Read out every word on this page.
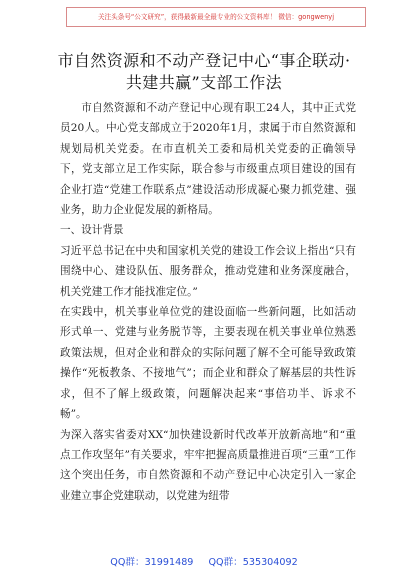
关注头条号“公文研究”，获得最新最全最专业的公文资料库！ 微信：gongwenyj
市自然资源和不动产登记中心“事企联动·
共建共赢”支部工作法

市自然资源和不动产登记中心现有职工24人，其中正式党员20人。中心党支部成立于2020年1月，隶属于市自然资源和规划局机关党委。在市直机关工委和局机关党委的正确领导下，党支部立足工作实际，联合参与市级重点项目建设的国有企业打造“党建工作联系点”建设活动形成凝心聚力抓党建、强业务，助力企业促发展的新格局。

一、设计背景

习近平总书记在中央和国家机关党的建设工作会议上指出“只有围绕中心、建设队伍、服务群众，推动党建和业务深度融合，机关党建工作才能找准定位。”

在实践中，机关事业单位党的建设面临一些新问题，比如活动形式单一、党建与业务脱节等，主要表现在机关事业单位熟悉政策法规，但对企业和群众的实际问题了解不全可能导致政策操作“死板教条、不接地气”；而企业和群众了解基层的共性诉求，但不了解上级政策，问题解决起来“事倍功半、诉求不畅”。

为深入落实省委对XX“加快建设新时代改革开放新高地”和“重点工作攻坚年”有关要求，牢牢把握高质量推进百项“三重”工作这个突出任务，市自然资源和不动产登记中心决定引入一家企业建立事企党建联动，以党建为纽带

QQ群：31991489 QQ群：535304092
